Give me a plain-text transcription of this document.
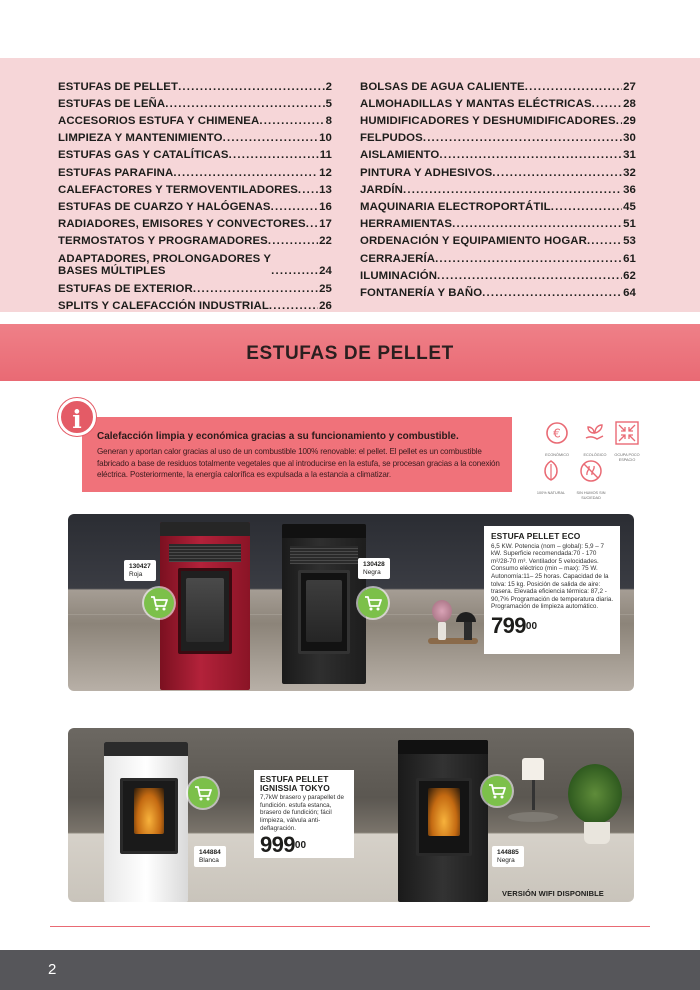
ESTUFAS DE PELLET .....	2
ESTUFAS DE LEÑA .....	5
ACCESORIOS ESTUFA Y CHIMENEA .....	8
LIMPIEZA Y MANTENIMIENTO .....	10
ESTUFAS GAS Y CATALÍTICAS .....	11
ESTUFAS PARAFINA .....	12
CALEFACTORES Y TERMOVENTILADORES ..... 13
ESTUFAS DE CUARZO Y HALÓGENAS .....	16
RADIADORES, EMISORES Y CONVECTORES ..... 17
TERMOSTATOS Y PROGRAMADORES .....	22
ADAPTADORES, PROLONGADORES Y
BASES MÚLTIPLES .....	24
ESTUFAS DE EXTERIOR .....	25
SPLITS Y CALEFACCIÓN INDUSTRIAL .....	26
BOLSAS DE AGUA CALIENTE .....	27
ALMOHADILLAS Y MANTAS ELÉCTRICAS .....	28
HUMIDIFICADORES Y DESHUMIDIFICADORES ..... 29
FELPUDOS .....	30
AISLAMIENTO .....	31
PINTURA Y ADHESIVOS .....	32
JARDÍN .....	36
MAQUINARIA ELECTROPORTÁTIL .....	45
HERRAMIENTAS .....	51
ORDENACIÓN Y EQUIPAMIENTO HOGAR .....	53
CERRAJERÍA .....	61
ILUMINACIÓN .....	62
FONTANERÍA Y BAÑO .....	64
ESTUFAS DE PELLET
i
Calefacción limpia y económica gracias a su funcionamiento y combustible.
Generan y aportan calor gracias al uso de un combustible 100% renovable: el pellet. El pellet es un combustible fabricado a base de residuos totalmente vegetales que al introducirse en la estufa, se procesan gracias a la conexión eléctrica. Posteriormente, la energía calorífica es expulsada a la estancia a climatizar.
€
ECONÓMICO	ECOLÓGICO	OCUPA POCO ESPACIO
100% NATURAL	SIN HUMOS SIN SUCIEDAD
130427
Roja
130428
Negra
ESTUFA PELLET ECO
6,5 KW. Potencia (nom – global): 5,9 – 7 kW. Superficie recomendada:70 - 170 m²/28-70 m³. Ventilador 5 velocidades. Consumo eléctrico (min – max): 75 W. Autonomía:11– 25 horas. Capacidad de la tolva: 15 kg. Posición de salida de aire: trasera. Elevada eficiencia térmica: 87,2 - 90,7% Programación de temperatura diaria. Programación de limpieza automático.
$799^{00}$
144884
Blanca
144885
Negra
ESTUFA PELLET IGNISSIA TOKYO
7,7kW brasero y parapellet de fundición. estufa estanca, brasero de fundición; fácil limpieza, válvula anti-deflagración.
$999^{00}$
VERSIÓN WIFI DISPONIBLE
2
